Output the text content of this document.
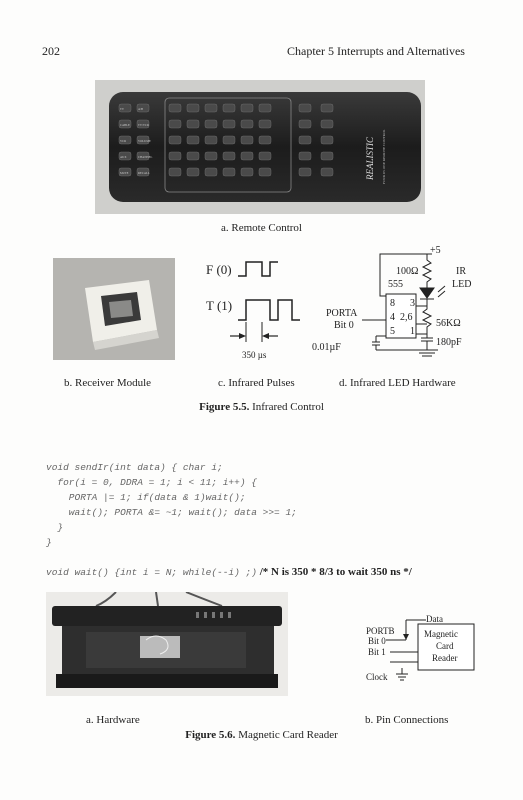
202	Chapter 5 Interrupts and Alternatives
TV
CABLE
VCR
AUX
MUTE
A/B
TV/VCR
VOLUME
CHANNEL
RECALL	REALISTIC FOUR IN ONE REMOTE CONTROL
a. Remote Control
b. Receiver Module
F (0)
T (1)
350 µs
c. Infrared Pulses
+5
100Ω	IR
LED
555
8 3
4 2,6
5 1
PORTA
Bit 0	56KΩ
180pF
0.01µF
d. Infrared LED Hardware
Figure 5.5. Infrared Control
void sendIr(int data) { char i;
for(i = 0, DDRA = 1; i < 11; i++) {
PORTA |= 1; if(data & 1)wait();
wait(); PORTA &= ~1; wait(); data >>= 1;
}
}
void wait() {int i = N; while(--i) ;) /* N is 350 * 8/3 to wait 350 ns */
a. Hardware
Data
PORTB
Bit 0
Bit 1
Clock
Magnetic
Card
Reader
b. Pin Connections
Figure 5.6. Magnetic Card Reader
